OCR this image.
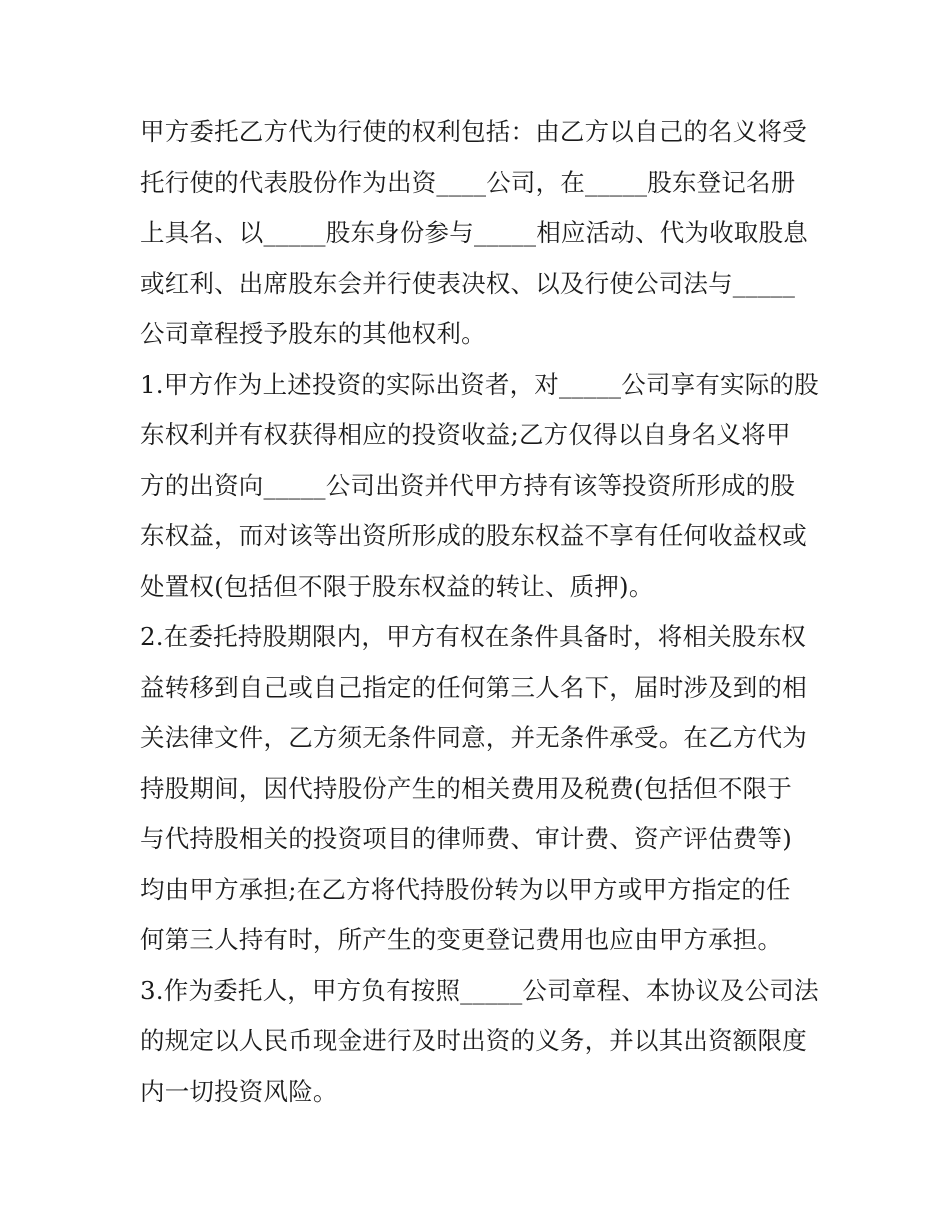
甲方委托乙方代为行使的权利包括：由乙方以自己的名义将受
托行使的代表股份作为出资____公司，在_____股东登记名册
上具名、以_____股东身份参与_____相应活动、代为收取股息
或红利、出席股东会并行使表决权、以及行使公司法与_____
公司章程授予股东的其他权利。
1.甲方作为上述投资的实际出资者，对_____公司享有实际的股
东权利并有权获得相应的投资收益;乙方仅得以自身名义将甲
方的出资向_____公司出资并代甲方持有该等投资所形成的股
东权益，而对该等出资所形成的股东权益不享有任何收益权或
处置权(包括但不限于股东权益的转让、质押)。
2.在委托持股期限内，甲方有权在条件具备时，将相关股东权
益转移到自己或自己指定的任何第三人名下，届时涉及到的相
关法律文件，乙方须无条件同意，并无条件承受。在乙方代为
持股期间，因代持股份产生的相关费用及税费(包括但不限于
与代持股相关的投资项目的律师费、审计费、资产评估费等)
均由甲方承担;在乙方将代持股份转为以甲方或甲方指定的任
何第三人持有时，所产生的变更登记费用也应由甲方承担。
3.作为委托人，甲方负有按照_____公司章程、本协议及公司法
的规定以人民币现金进行及时出资的义务，并以其出资额限度
内一切投资风险。
